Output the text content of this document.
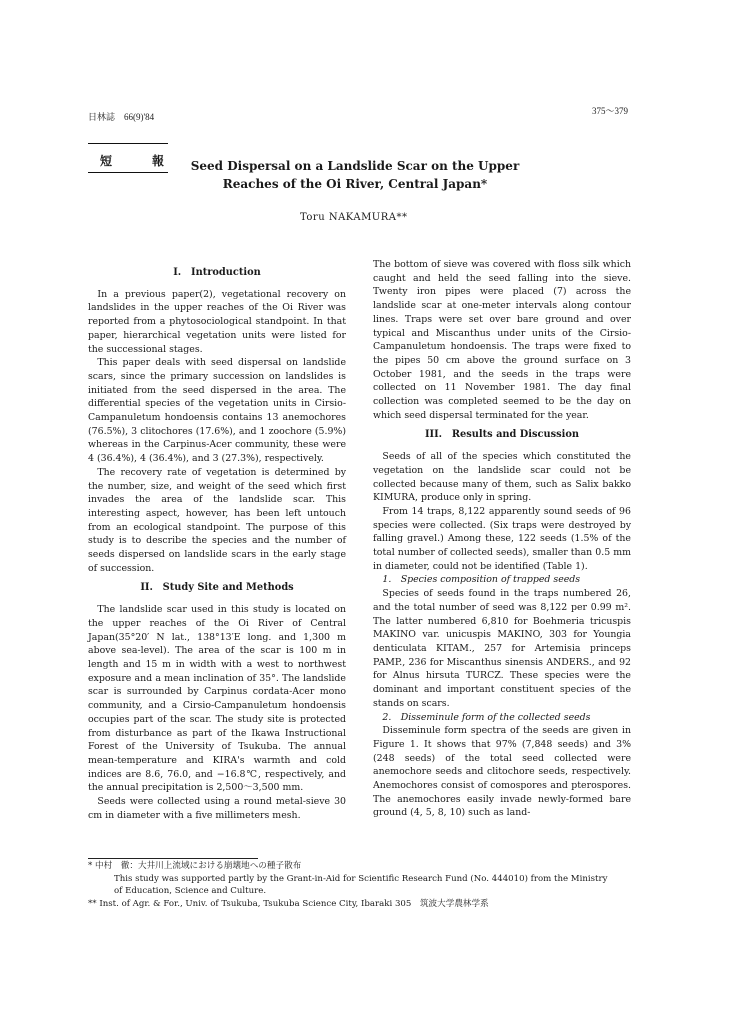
日林誌　66(9)'84
375〜379
短　報 Seed Dispersal on a Landslide Scar on the Upper
Reaches of the Oi River, Central Japan*
Toru NAKAMURA**
I.　Introduction

In a previous paper(2), vegetational recovery on landslides in the upper reaches of the Oi River was reported from a phytosociological standpoint. In that paper, hierarchical vegetation units were listed for the successional stages.

This paper deals with seed dispersal on landslide scars, since the primary succession on landslides is initiated from the seed dispersed in the area. The differential species of the vegetation units in Cirsio-Campanuletum hondoensis contains 13 anemochores (76.5%), 3 clitochores (17.6%), and 1 zoochore (5.9%) whereas in the Carpinus-Acer community, these were 4 (36.4%), 4 (36.4%), and 3 (27.3%), respectively.

The recovery rate of vegetation is determined by the number, size, and weight of the seed which first invades the area of the landslide scar. This interesting aspect, however, has been left untouch from an ecological standpoint. The purpose of this study is to describe the species and the number of seeds dispersed on landslide scars in the early stage of succession.

II.　Study Site and Methods

The landslide scar used in this study is located on the upper reaches of the Oi River of Central Japan(35°20′ N lat., 138°13′E long. and 1,300 m above sea-level). The area of the scar is 100 m in length and 15 m in width with a west to northwest exposure and a mean inclination of 35°. The landslide scar is surrounded by Carpinus cordata-Acer mono community, and a Cirsio-Campanuletum hondoensis occupies part of the scar. The study site is protected from disturbance as part of the Ikawa Instructional Forest of the University of Tsukuba. The annual mean-temperature and KIRA's warmth and cold indices are 8.6, 76.0, and −16.8℃, respectively, and the annual precipitation is 2,500〜3,500 mm.

Seeds were collected using a round metal-sieve 30 cm in diameter with a five millimeters mesh.

The bottom of sieve was covered with floss silk which caught and held the seed falling into the sieve. Twenty iron pipes were placed (7) across the landslide scar at one-meter intervals along contour lines. Traps were set over bare ground and over typical and Miscanthus under units of the Cirsio-Campanuletum hondoensis. The traps were fixed to the pipes 50 cm above the ground surface on 3 October 1981, and the seeds in the traps were collected on 11 November 1981. The day final collection was completed seemed to be the day on which seed dispersal terminated for the year.

III.　Results and Discussion

Seeds of all of the species which constituted the vegetation on the landslide scar could not be collected because many of them, such as Salix bakko KIMURA, produce only in spring.

From 14 traps, 8,122 apparently sound seeds of 96 species were collected. (Six traps were destroyed by falling gravel.) Among these, 122 seeds (1.5% of the total number of collected seeds), smaller than 0.5 mm in diameter, could not be identified (Table 1).

1.　Species composition of trapped seeds

Species of seeds found in the traps numbered 26, and the total number of seed was 8,122 per 0.99 m². The latter numbered 6,810 for Boehmeria tricuspis MAKINO var. unicuspis MAKINO, 303 for Youngia denticulata KITAM., 257 for Artemisia princeps PAMP., 236 for Miscanthus sinensis ANDERS., and 92 for Alnus hirsuta TURCZ. These species were the dominant and important constituent species of the stands on scars.

2.　Disseminule form of the collected seeds

Disseminule form spectra of the seeds are given in Figure 1. It shows that 97% (7,848 seeds) and 3% (248 seeds) of the total seed collected were anemochore seeds and clitochore seeds, respectively. Anemochores consist of comospores and pterospores. The anemochores easily invade newly-formed bare ground (4, 5, 8, 10) such as land-

* 中村　徹：大井川上流域における崩壊地への種子散布
This study was supported partly by the Grant-in-Aid for Scientific Research Fund (No. 444010) from the Ministry
of Education, Science and Culture.
** Inst. of Agr. & For., Univ. of Tsukuba, Tsukuba Science City, Ibaraki 305　筑波大学農林学系
